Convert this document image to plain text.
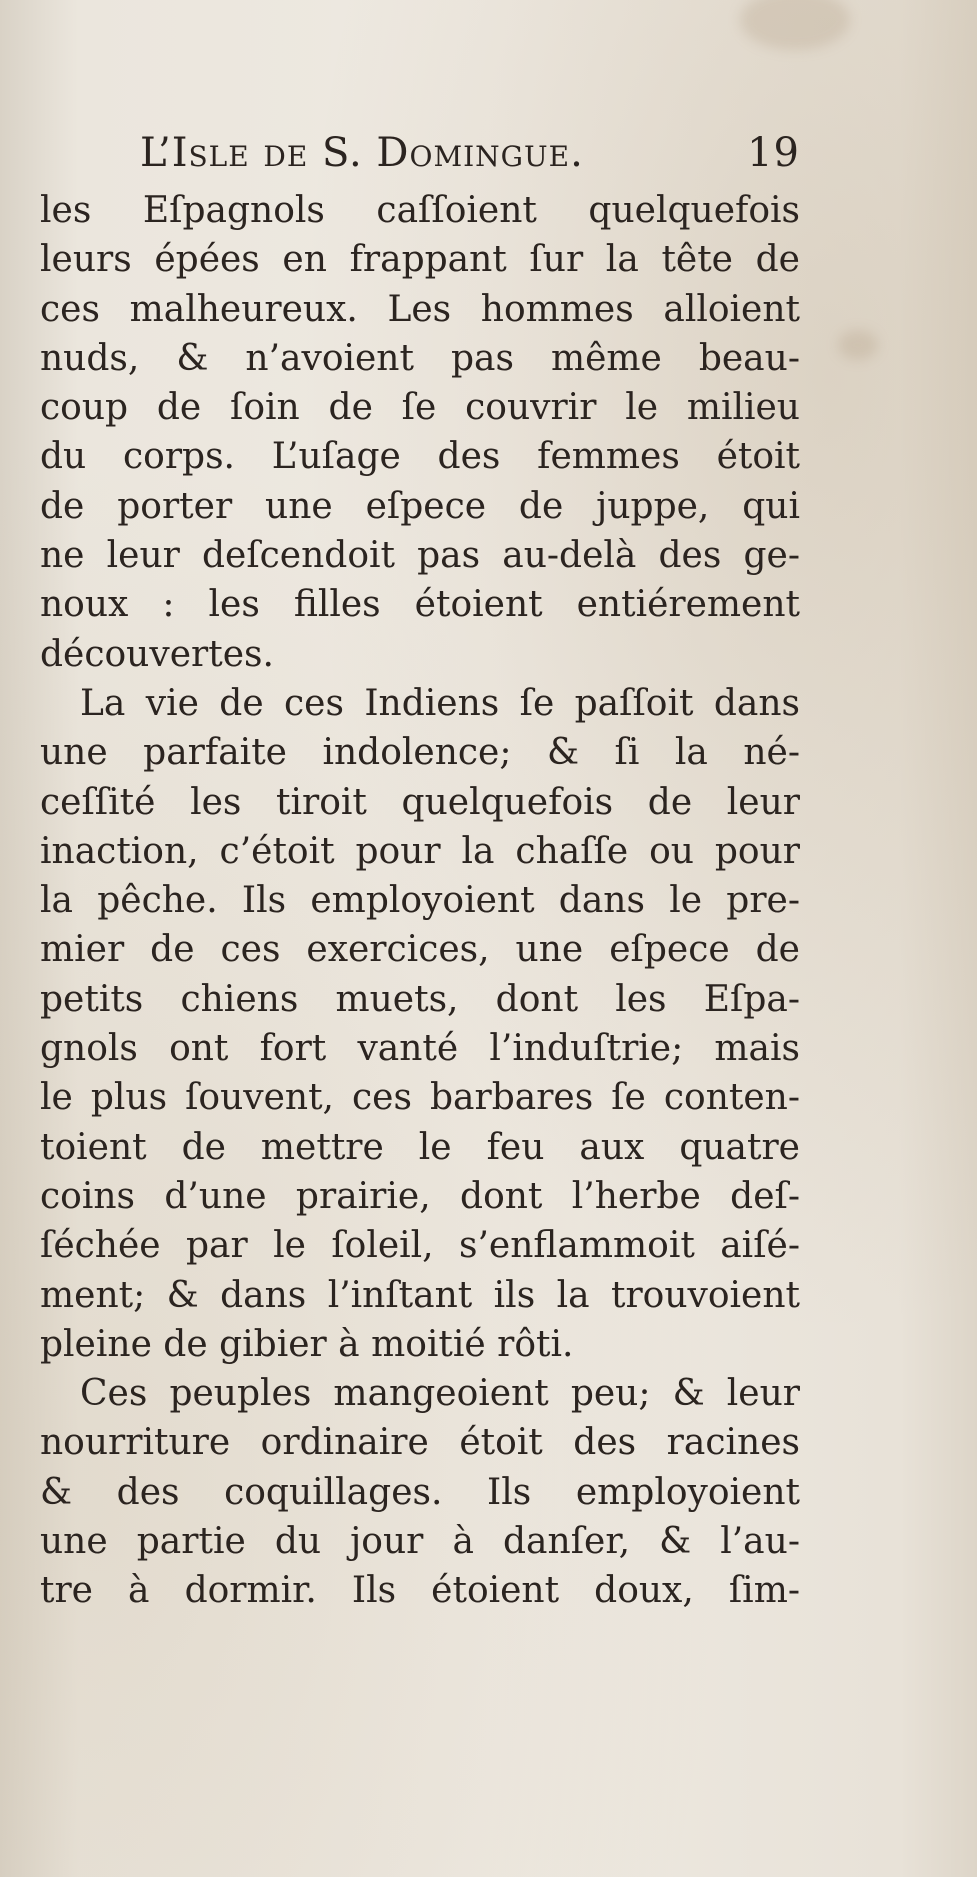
L’Isle de S. Domingue.	19
les Eſpagnols caſſoient quelquefois
leurs épées en frappant ſur la tête de
ces malheureux. Les hommes alloient
nuds, & n’avoient pas même beau-
coup de ſoin de ſe couvrir le milieu
du corps. L’uſage des femmes étoit
de porter une eſpece de juppe, qui
ne leur deſcendoit pas au-delà des ge-
noux : les filles étoient entiérement
découvertes.
La vie de ces Indiens ſe paſſoit dans
une parfaite indolence; & ſi la né-
ceſſité les tiroit quelquefois de leur
inaction, c’étoit pour la chaſſe ou pour
la pêche. Ils employoient dans le pre-
mier de ces exercices, une eſpece de
petits chiens muets, dont les Eſpa-
gnols ont fort vanté l’induſtrie; mais
le plus ſouvent, ces barbares ſe conten-
toient de mettre le feu aux quatre
coins d’une prairie, dont l’herbe deſ-
ſéchée par le ſoleil, s’enflammoit aiſé-
ment; & dans l’inſtant ils la trouvoient
pleine de gibier à moitié rôti.
Ces peuples mangeoient peu; & leur
nourriture ordinaire étoit des racines
& des coquillages. Ils employoient
une partie du jour à danſer, & l’au-
tre à dormir. Ils étoient doux, ſim-
